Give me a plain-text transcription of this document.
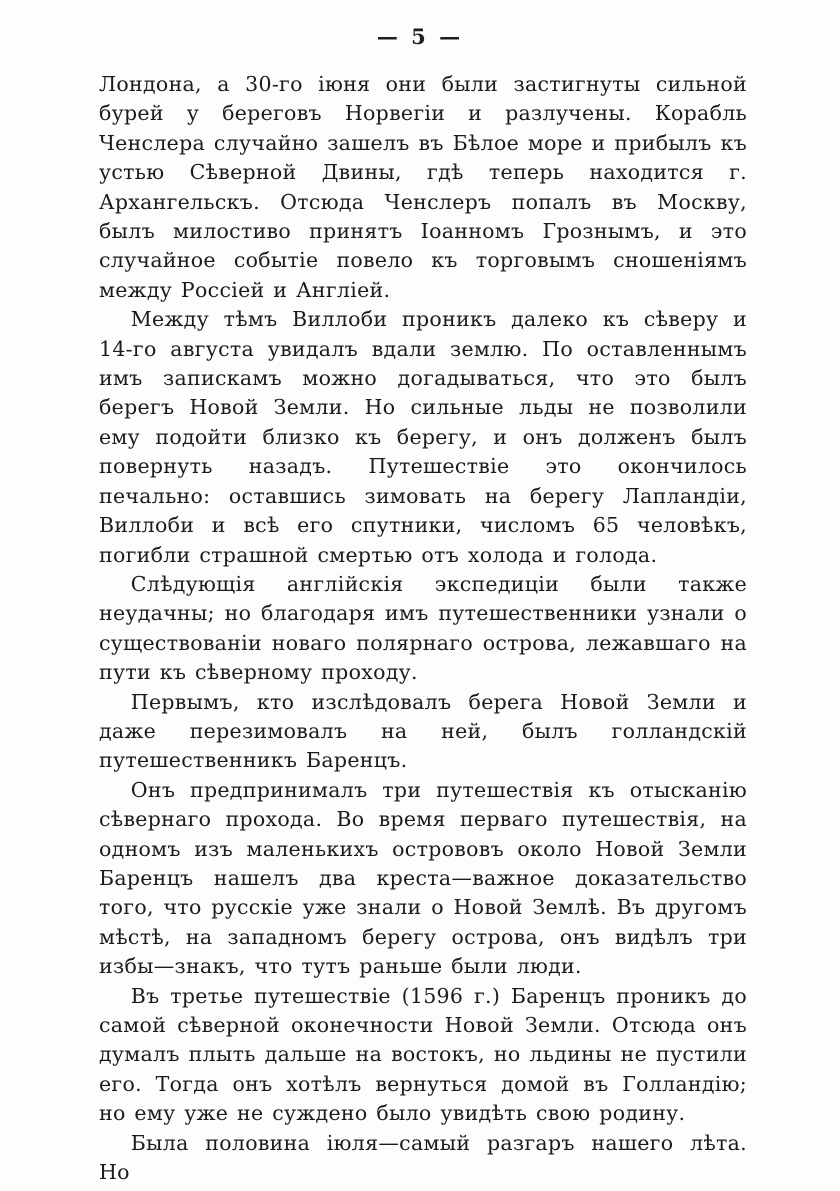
— 5 —

Лондона, а 30-го іюня они были застигнуты сильной бурей у береговъ Норвегіи и разлучены. Корабль Ченслера случайно зашелъ въ Бѣлое море и прибылъ къ устью Сѣверной Двины, гдѣ теперь находится г. Архангельскъ. Отсюда Ченслеръ попалъ въ Москву, былъ милостиво принятъ Іоанномъ Грознымъ, и это случайное событіе повело къ торговымъ сношеніямъ между Россіей и Англіей.

Между тѣмъ Виллоби проникъ далеко къ сѣверу и 14-го августа увидалъ вдали землю. По оставленнымъ имъ запискамъ можно догадываться, что это былъ берегъ Новой Земли. Но сильные льды не позволили ему подойти близко къ берегу, и онъ долженъ былъ повернуть назадъ. Путешествіе это окончилось печально: оставшись зимовать на берегу Лапландіи, Виллоби и всѣ его спутники, числомъ 65 человѣкъ, погибли страшной смертью отъ холода и голода.

Слѣдующія англійскія экспедиціи были также неудачны; но благодаря имъ путешественники узнали о существованіи новаго полярнаго острова, лежавшаго на пути къ сѣверному проходу.

Первымъ, кто изслѣдовалъ берега Новой Земли и даже перезимовалъ на ней, былъ голландскій путешественникъ Баренцъ.

Онъ предпринималъ три путешествія къ отысканію сѣвернаго прохода. Во время перваго путешествія, на одномъ изъ маленькихъ острововъ около Новой Земли Баренцъ нашелъ два креста—важное доказательство того, что русскіе уже знали о Новой Землѣ. Въ другомъ мѣстѣ, на западномъ берегу острова, онъ видѣлъ три избы—знакъ, что тутъ раньше были люди.

Въ третье путешествіе (1596 г.) Баренцъ проникъ до самой сѣверной оконечности Новой Земли. Отсюда онъ думалъ плыть дальше на востокъ, но льдины не пустили его. Тогда онъ хотѣлъ вернуться домой въ Голландію; но ему уже не суждено было увидѣть свою родину.

Была половина іюля—самый разгаръ нашего лѣта. Но
